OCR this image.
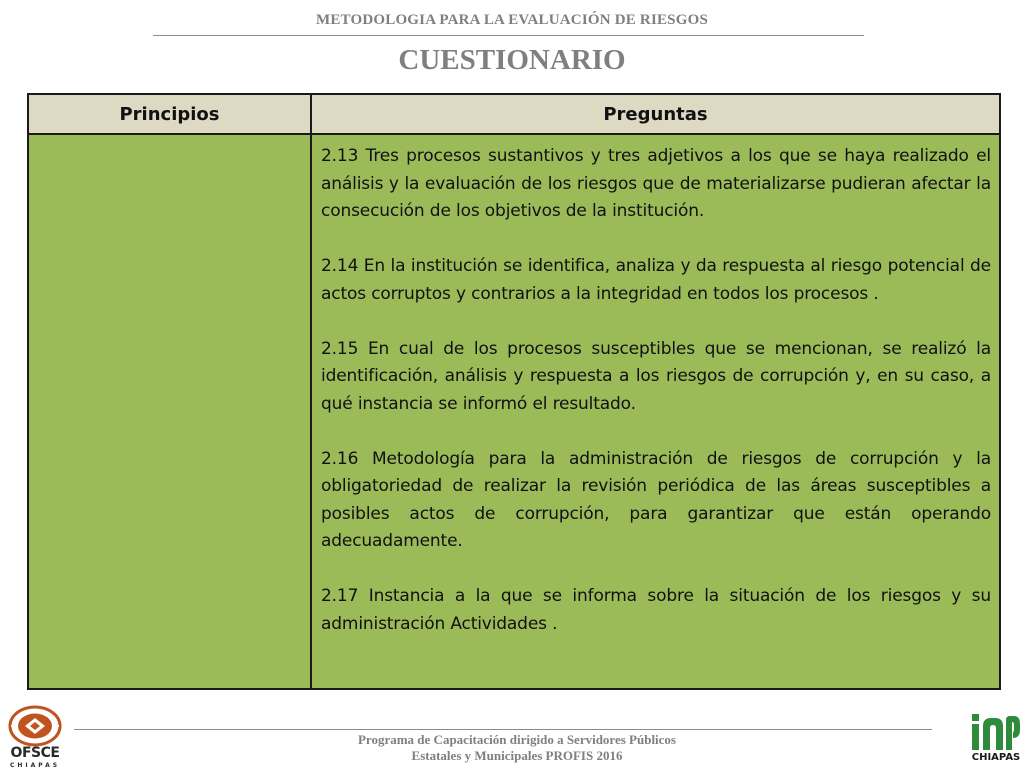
METODOLOGIA PARA LA EVALUACIÓN DE RIESGOS
CUESTIONARIO
Principios	Preguntas

2.13 Tres procesos sustantivos y tres adjetivos a los que se haya realizado el análisis y la evaluación de los riesgos que de materializarse pudieran afectar la consecución de los objetivos de la institución.

2.14 En la institución se identifica, analiza y da respuesta al riesgo potencial de actos corruptos y contrarios a la integridad en todos los procesos .

2.15 En cual de los procesos susceptibles que se mencionan, se realizó la identificación, análisis y respuesta a los riesgos de corrupción y, en su caso, a qué instancia se informó el resultado.

2.16 Metodología para la administración de riesgos de corrupción y la obligatoriedad de realizar la revisión periódica de las áreas susceptibles a posibles actos de corrupción, para garantizar que están operando adecuadamente.

2.17 Instancia a la que se informa sobre la situación de los riesgos y su administración Actividades .

OFSCE
CHIAPAS
Programa de Capacitación dirigido a Servidores Públicos
Estatales y Municipales PROFIS 2016	CHIAPAS
